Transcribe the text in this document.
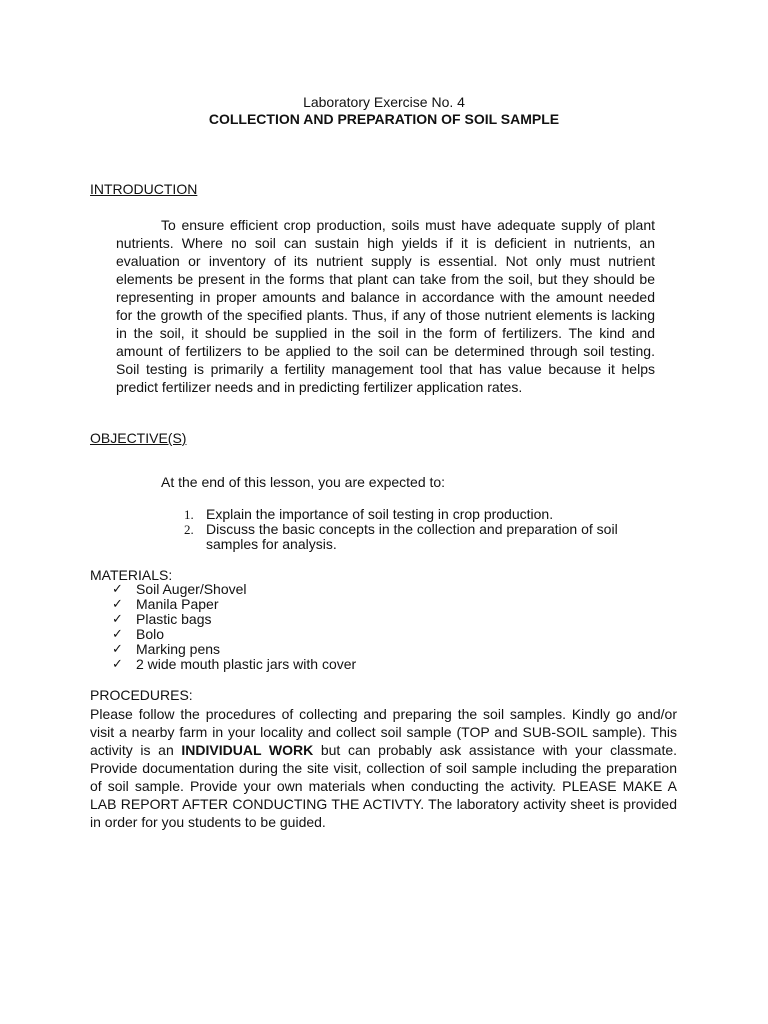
Laboratory Exercise No. 4
COLLECTION AND PREPARATION OF SOIL SAMPLE
INTRODUCTION

To ensure efficient crop production, soils must have adequate supply of plant nutrients. Where no soil can sustain high yields if it is deficient in nutrients, an evaluation or inventory of its nutrient supply is essential. Not only must nutrient elements be present in the forms that plant can take from the soil, but they should be representing in proper amounts and balance in accordance with the amount needed for the growth of the specified plants. Thus, if any of those nutrient elements is lacking in the soil, it should be supplied in the soil in the form of fertilizers. The kind and amount of fertilizers to be applied to the soil can be determined through soil testing. Soil testing is primarily a fertility management tool that has value because it helps predict fertilizer needs and in predicting fertilizer application rates.

OBJECTIVE(S)

At the end of this lesson, you are expected to:

1. Explain the importance of soil testing in crop production.
2. Discuss the basic concepts in the collection and preparation of soil samples for analysis.
MATERIALS:
✓ Soil Auger/Shovel
✓ Manila Paper
✓ Plastic bags
✓ Bolo
✓ Marking pens
✓ 2 wide mouth plastic jars with cover
PROCEDURES:

Please follow the procedures of collecting and preparing the soil samples. Kindly go and/or visit a nearby farm in your locality and collect soil sample (TOP and SUB-SOIL sample). This activity is an INDIVIDUAL WORK but can probably ask assistance with your classmate. Provide documentation during the site visit, collection of soil sample including the preparation of soil sample. Provide your own materials when conducting the activity. PLEASE MAKE A LAB REPORT AFTER CONDUCTING THE ACTIVTY. The laboratory activity sheet is provided in order for you students to be guided.
